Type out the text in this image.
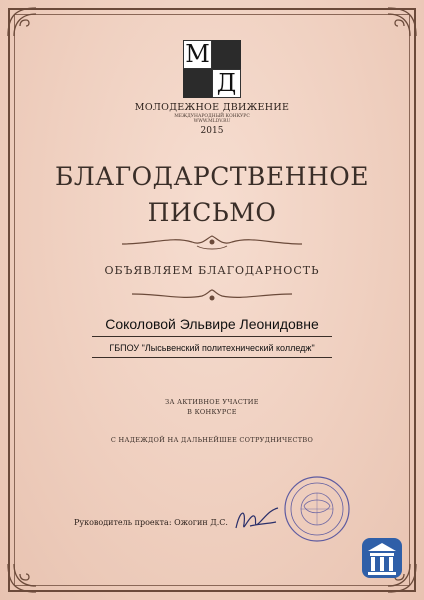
М
Д
МОЛОДЕЖНОЕ ДВИЖЕНИЕ
МЕЖДУНАРОДНЫЙ КОНКУРС
WWW.MLDV.RU
2015
БЛАГОДАРСТВЕННОЕ
ПИСЬМО
ОБЪЯВЛЯЕМ БЛАГОДАРНОСТЬ
Соколовой Эльвире Леонидовне
ГБПОУ "Лысьвенский политехнический колледж"
ЗА АКТИВНОЕ УЧАСТИЕ
В КОНКУРСЕ
С НАДЕЖДОЙ НА ДАЛЬНЕЙШЕЕ СОТРУДНИЧЕСТВО
Руководитель проекта: Ожогин Д.С.
